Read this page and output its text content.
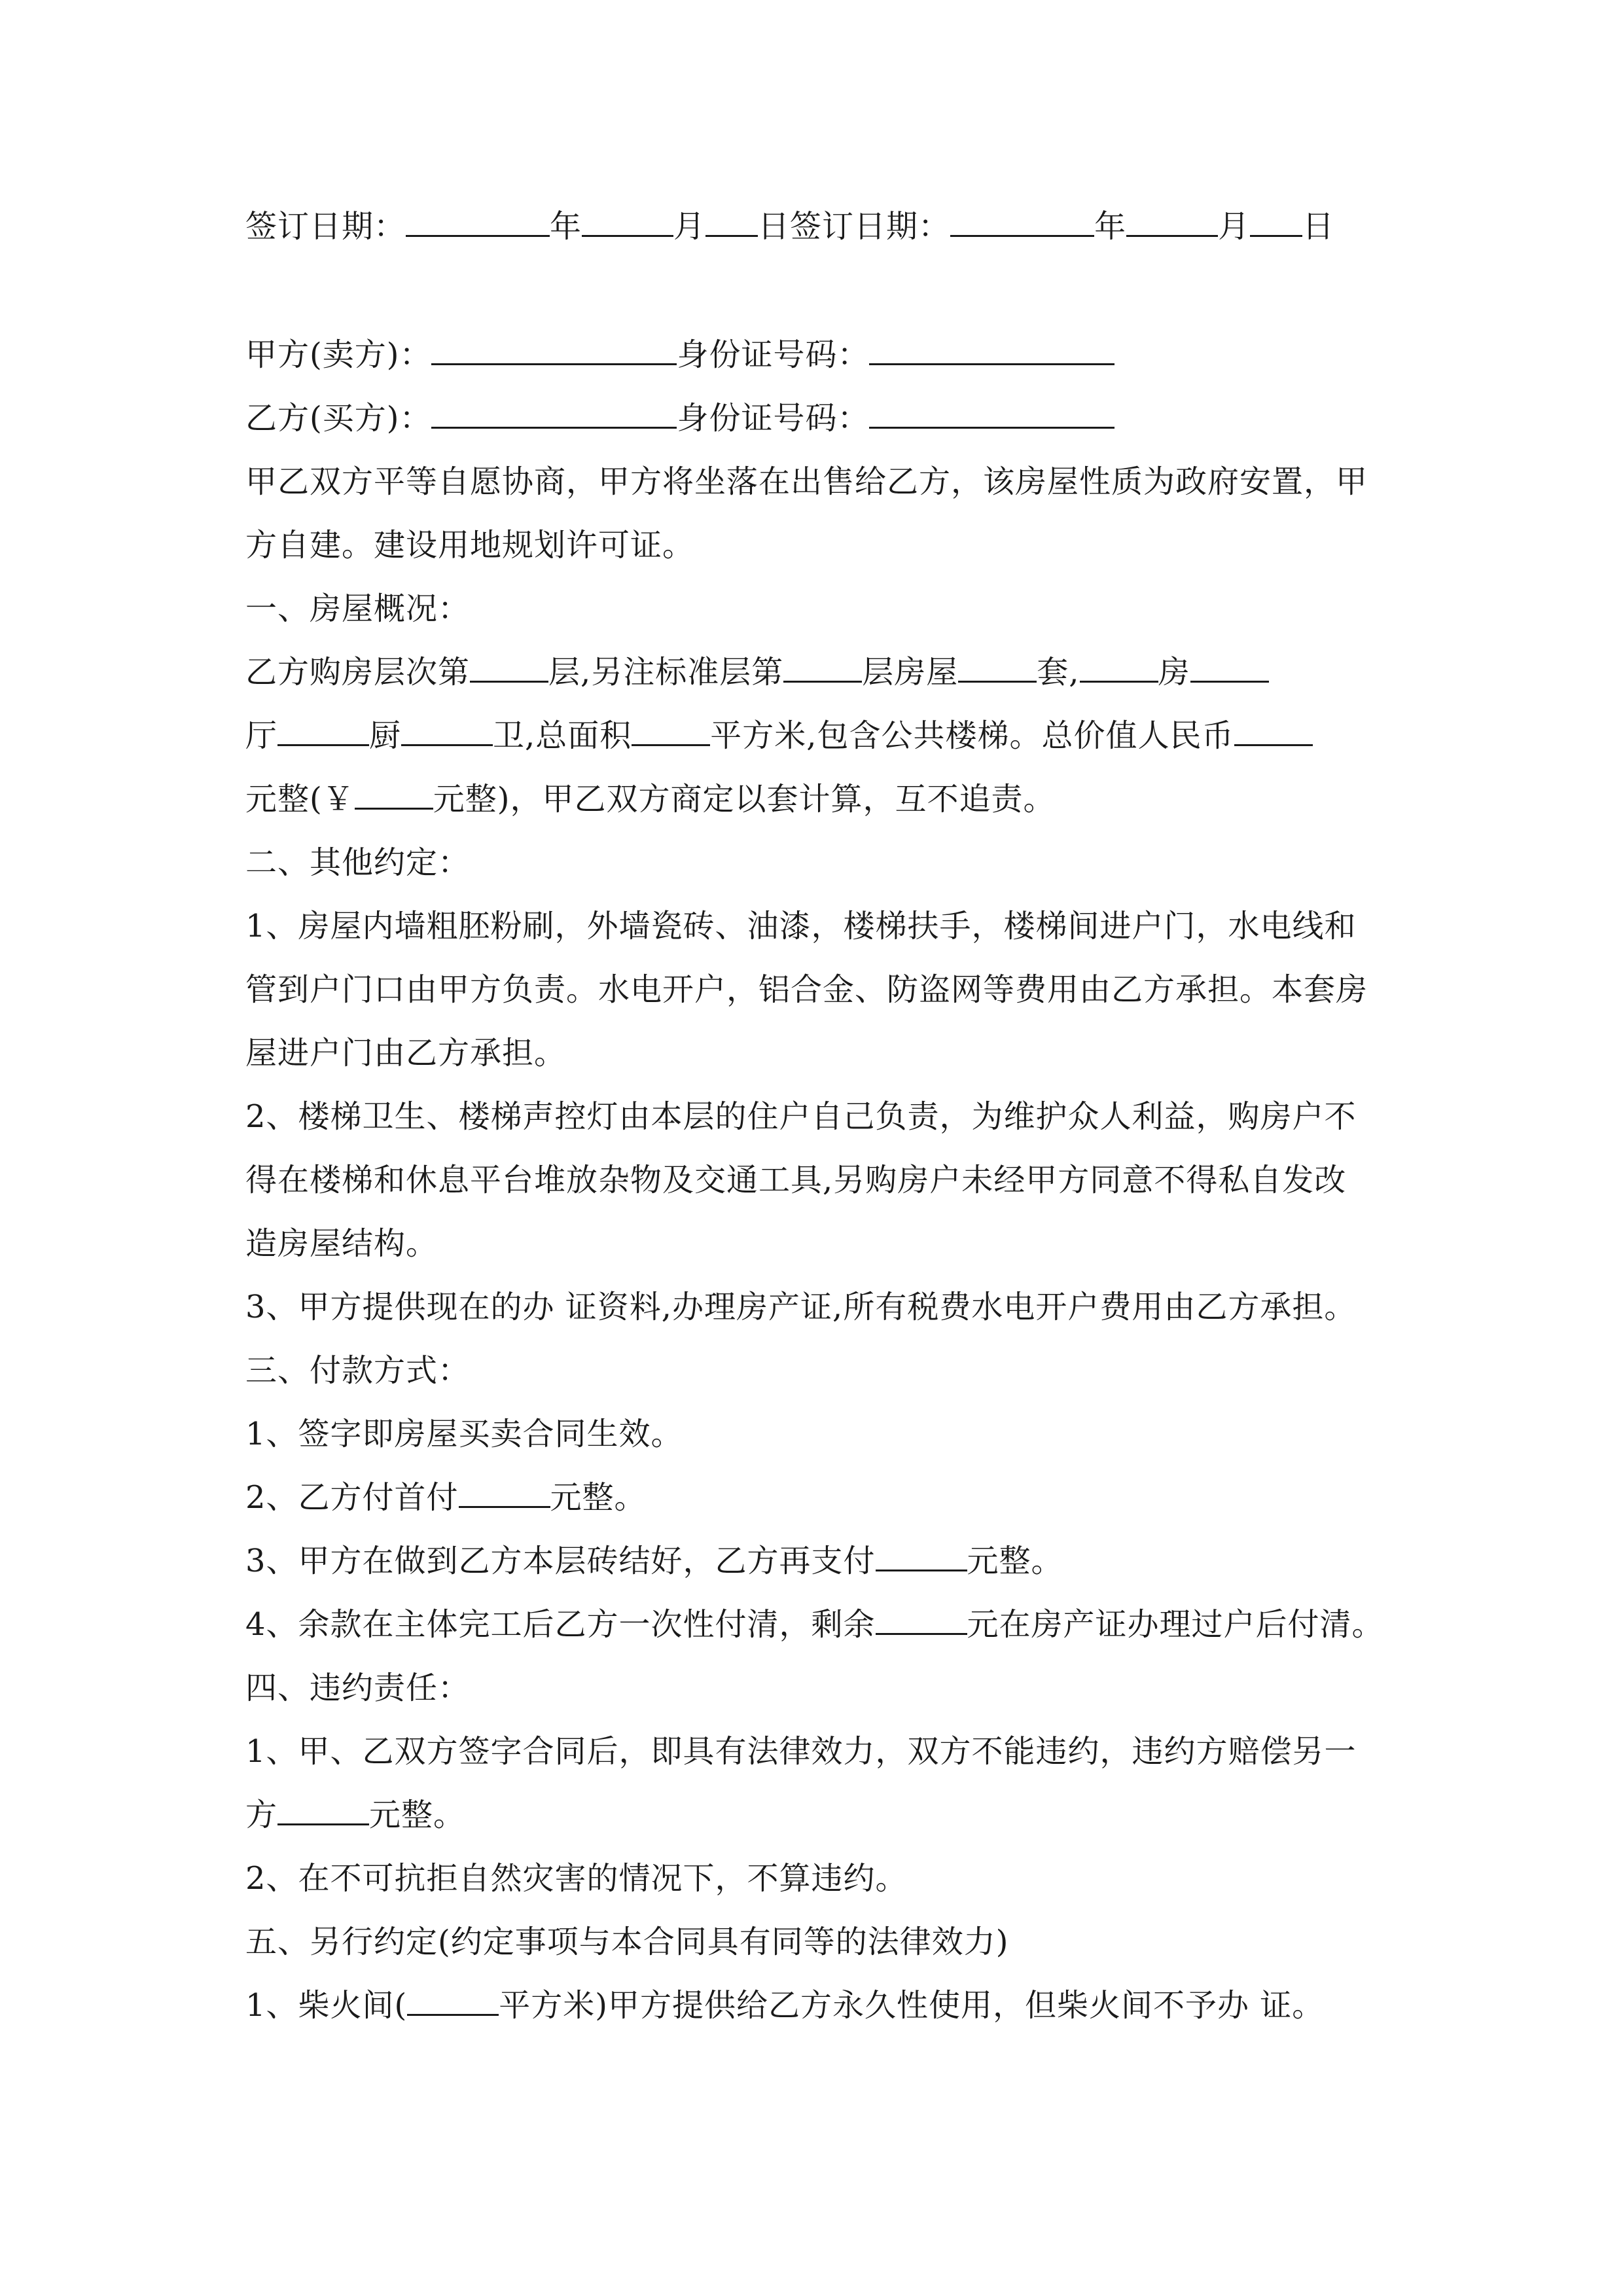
签订日期：	年	月 日签订日期：	年	月 日
甲方(卖方)：	身份证号码：
乙方(买方)：	身份证号码：
甲乙双方平等自愿协商，甲方将坐落在出售给乙方，该房屋性质为政府安置，甲
方自建。建设用地规划许可证。
一、房屋概况：
乙方购房层次第	层,另注标准层第	层房屋	套,	房
厅	厨	卫,总面积	平方米,包含公共楼梯。总价值人民币
元整(￥	元整)，甲乙双方商定以套计算，互不追责。
二、其他约定：
1、房屋内墙粗胚粉刷，外墙瓷砖、油漆，楼梯扶手，楼梯间进户门，水电线和
管到户门口由甲方负责。水电开户，铝合金、防盗网等费用由乙方承担。本套房
屋进户门由乙方承担。
2、楼梯卫生、楼梯声控灯由本层的住户自己负责，为维护众人利益，购房户不
得在楼梯和休息平台堆放杂物及交通工具,另购房户未经甲方同意不得私自发改
造房屋结构。
3、甲方提供现在的办 证资料,办理房产证,所有税费水电开户费用由乙方承担。
三、付款方式：
1、签字即房屋买卖合同生效。
2、乙方付首付	元整。
3、甲方在做到乙方本层砖结好，乙方再支付	元整。
4、余款在主体完工后乙方一次性付清，剩余	元在房产证办理过户后付清。
四、违约责任：
1、甲、乙双方签字合同后，即具有法律效力，双方不能违约，违约方赔偿另一
方	元整。
2、在不可抗拒自然灾害的情况下，不算违约。
五、另行约定(约定事项与本合同具有同等的法律效力)
1、柴火间(	平方米)甲方提供给乙方永久性使用，但柴火间不予办 证。
